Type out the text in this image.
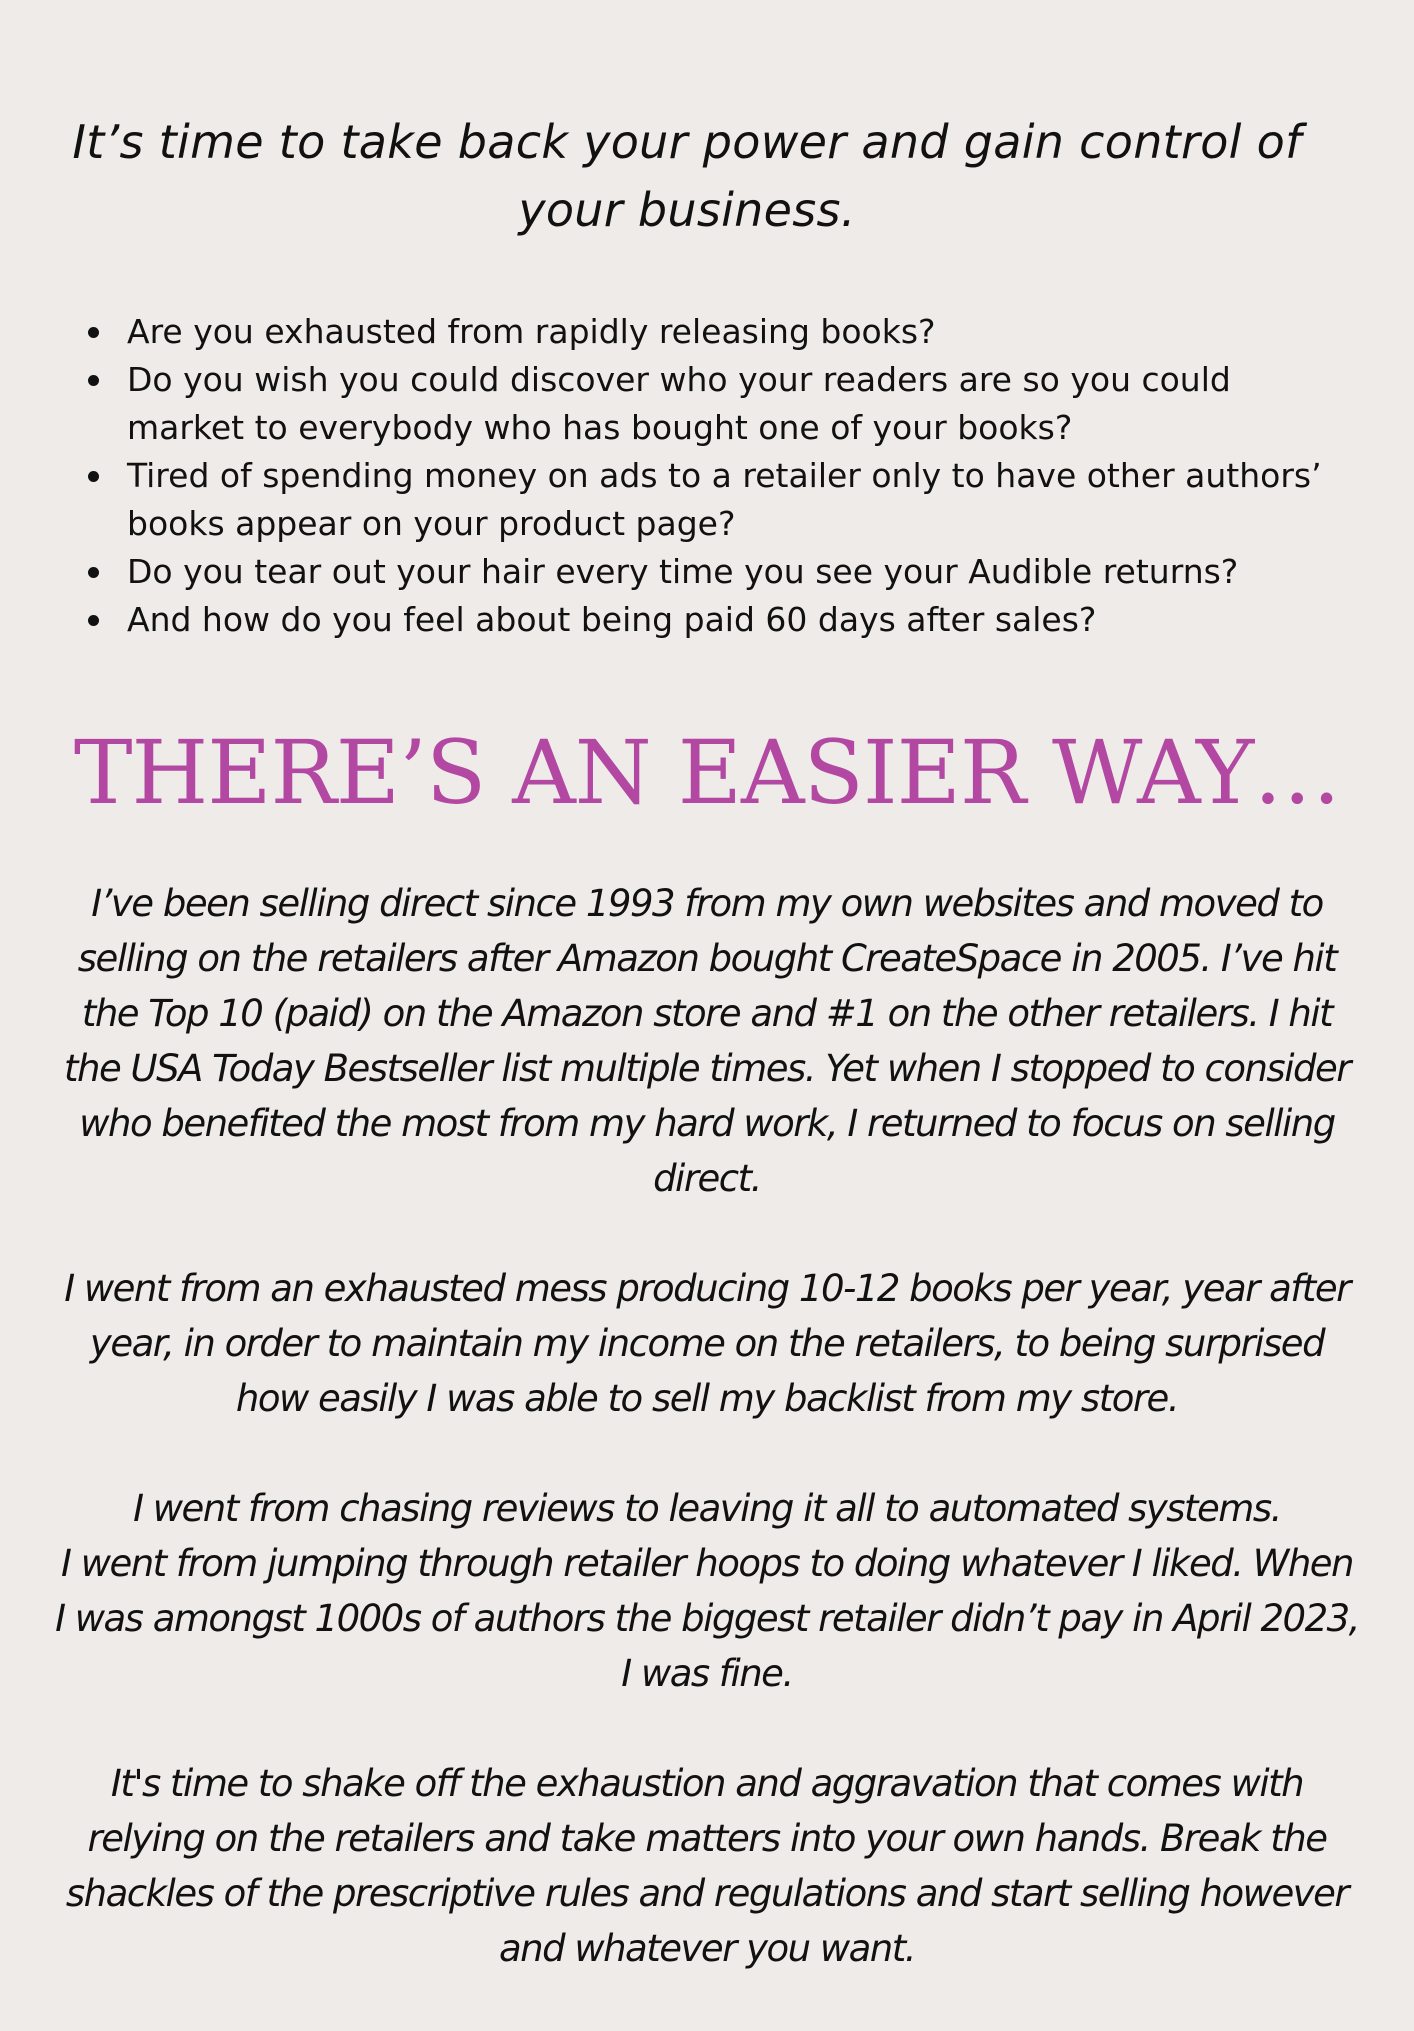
It’s time to take back your power and gain control of your business.
Are you exhausted from rapidly releasing books?
Do you wish you could discover who your readers are so you could market to everybody who has bought one of your books?
Tired of spending money on ads to a retailer only to have other authors’ books appear on your product page?
Do you tear out your hair every time you see your Audible returns?
And how do you feel about being paid 60 days after sales?
THERE’S AN EASIER WAY…

I’ve been selling direct since 1993 from my own websites and moved to selling on the retailers after Amazon bought CreateSpace in 2005. I’ve hit the Top 10 (paid) on the Amazon store and #1 on the other retailers. I hit the USA Today Bestseller list multiple times. Yet when I stopped to consider who benefited the most from my hard work, I returned to focus on selling direct.

I went from an exhausted mess producing 10-12 books per year, year after year, in order to maintain my income on the retailers, to being surprised how easily I was able to sell my backlist from my store.

I went from chasing reviews to leaving it all to automated systems.

I went from jumping through retailer hoops to doing whatever I liked. When I was amongst 1000s of authors the biggest retailer didn’t pay in April 2023, I was fine.

It's time to shake off the exhaustion and aggravation that comes with relying on the retailers and take matters into your own hands. Break the shackles of the prescriptive rules and regulations and start selling however and whatever you want.
